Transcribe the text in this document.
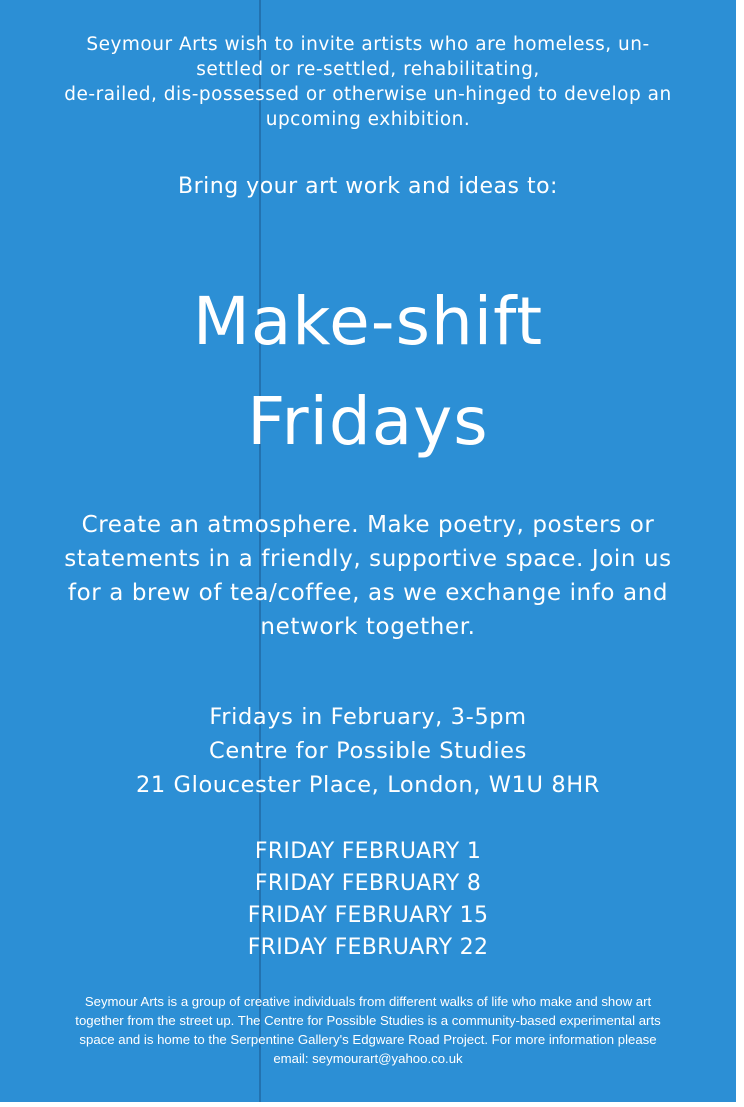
Seymour Arts wish to invite artists who are homeless, un-
settled or re-settled, rehabilitating,
de-railed, dis-possessed or otherwise un-hinged to develop an
upcoming exhibition.
Bring your art work and ideas to:
Make-shift
Fridays
Create an atmosphere. Make poetry, posters or
statements in a friendly, supportive space. Join us
for a brew of tea/coffee, as we exchange info and
network together.
Fridays in February, 3-5pm
Centre for Possible Studies
21 Gloucester Place, London, W1U 8HR
FRIDAY FEBRUARY 1
FRIDAY FEBRUARY 8
FRIDAY FEBRUARY 15
FRIDAY FEBRUARY 22
Seymour Arts is a group of creative individuals from different walks of life who make and show art
together from the street up. The Centre for Possible Studies is a community-based experimental arts
space and is home to the Serpentine Gallery's Edgware Road Project. For more information please
email: seymourart@yahoo.co.uk
